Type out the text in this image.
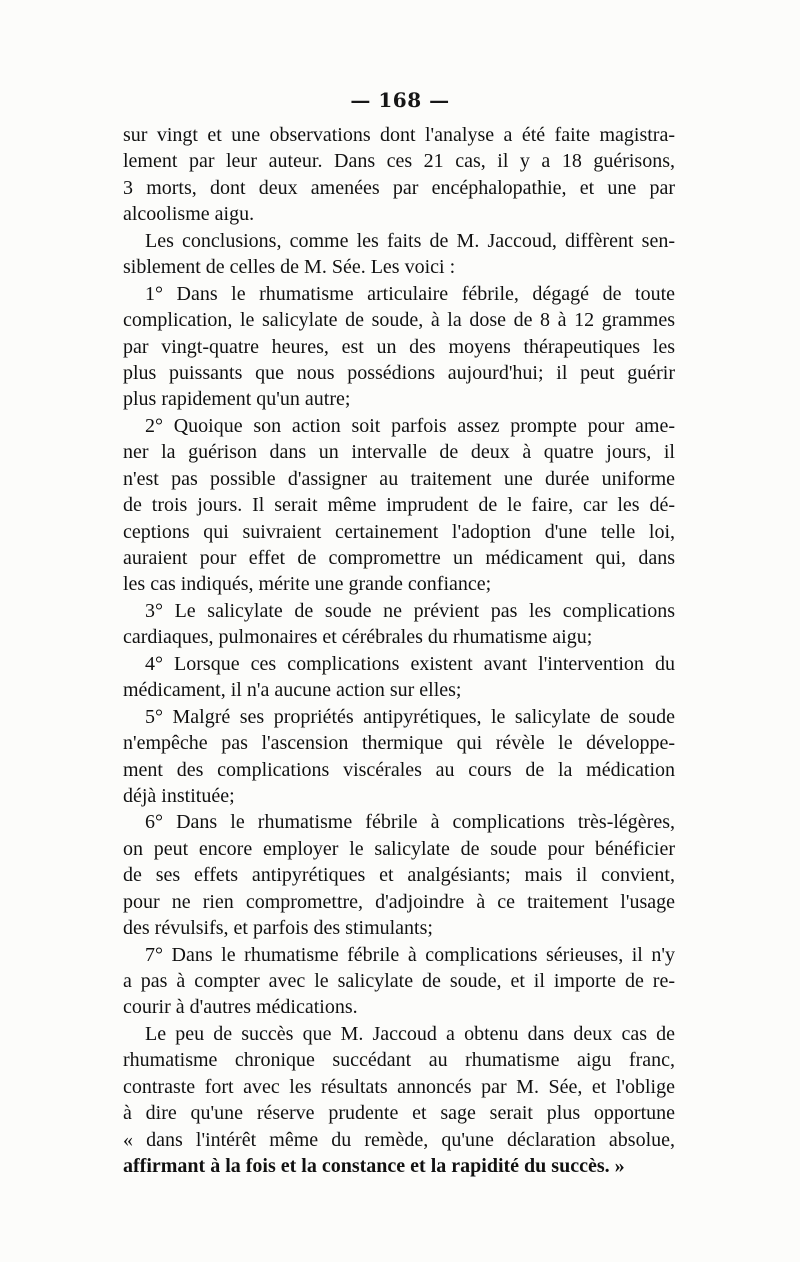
— 168 —
sur vingt et une observations dont l'analyse a été faite magistra-
lement par leur auteur. Dans ces 21 cas, il y a 18 guérisons,
3 morts, dont deux amenées par encéphalopathie, et une par
alcoolisme aigu.
Les conclusions, comme les faits de M. Jaccoud, diffèrent sen-
siblement de celles de M. Sée. Les voici :
1° Dans le rhumatisme articulaire fébrile, dégagé de toute
complication, le salicylate de soude, à la dose de 8 à 12 grammes
par vingt-quatre heures, est un des moyens thérapeutiques les
plus puissants que nous possédions aujourd'hui; il peut guérir
plus rapidement qu'un autre;
2° Quoique son action soit parfois assez prompte pour ame-
ner la guérison dans un intervalle de deux à quatre jours, il
n'est pas possible d'assigner au traitement une durée uniforme
de trois jours. Il serait même imprudent de le faire, car les dé-
ceptions qui suivraient certainement l'adoption d'une telle loi,
auraient pour effet de compromettre un médicament qui, dans
les cas indiqués, mérite une grande confiance;
3° Le salicylate de soude ne prévient pas les complications
cardiaques, pulmonaires et cérébrales du rhumatisme aigu;
4° Lorsque ces complications existent avant l'intervention du
médicament, il n'a aucune action sur elles;
5° Malgré ses propriétés antipyrétiques, le salicylate de soude
n'empêche pas l'ascension thermique qui révèle le développe-
ment des complications viscérales au cours de la médication
déjà instituée;
6° Dans le rhumatisme fébrile à complications très-légères,
on peut encore employer le salicylate de soude pour bénéficier
de ses effets antipyrétiques et analgésiants; mais il convient,
pour ne rien compromettre, d'adjoindre à ce traitement l'usage
des révulsifs, et parfois des stimulants;
7° Dans le rhumatisme fébrile à complications sérieuses, il n'y
a pas à compter avec le salicylate de soude, et il importe de re-
courir à d'autres médications.
Le peu de succès que M. Jaccoud a obtenu dans deux cas de
rhumatisme chronique succédant au rhumatisme aigu franc,
contraste fort avec les résultats annoncés par M. Sée, et l'oblige
à dire qu'une réserve prudente et sage serait plus opportune
« dans l'intérêt même du remède, qu'une déclaration absolue,
affirmant à la fois et la constance et la rapidité du succès. »
